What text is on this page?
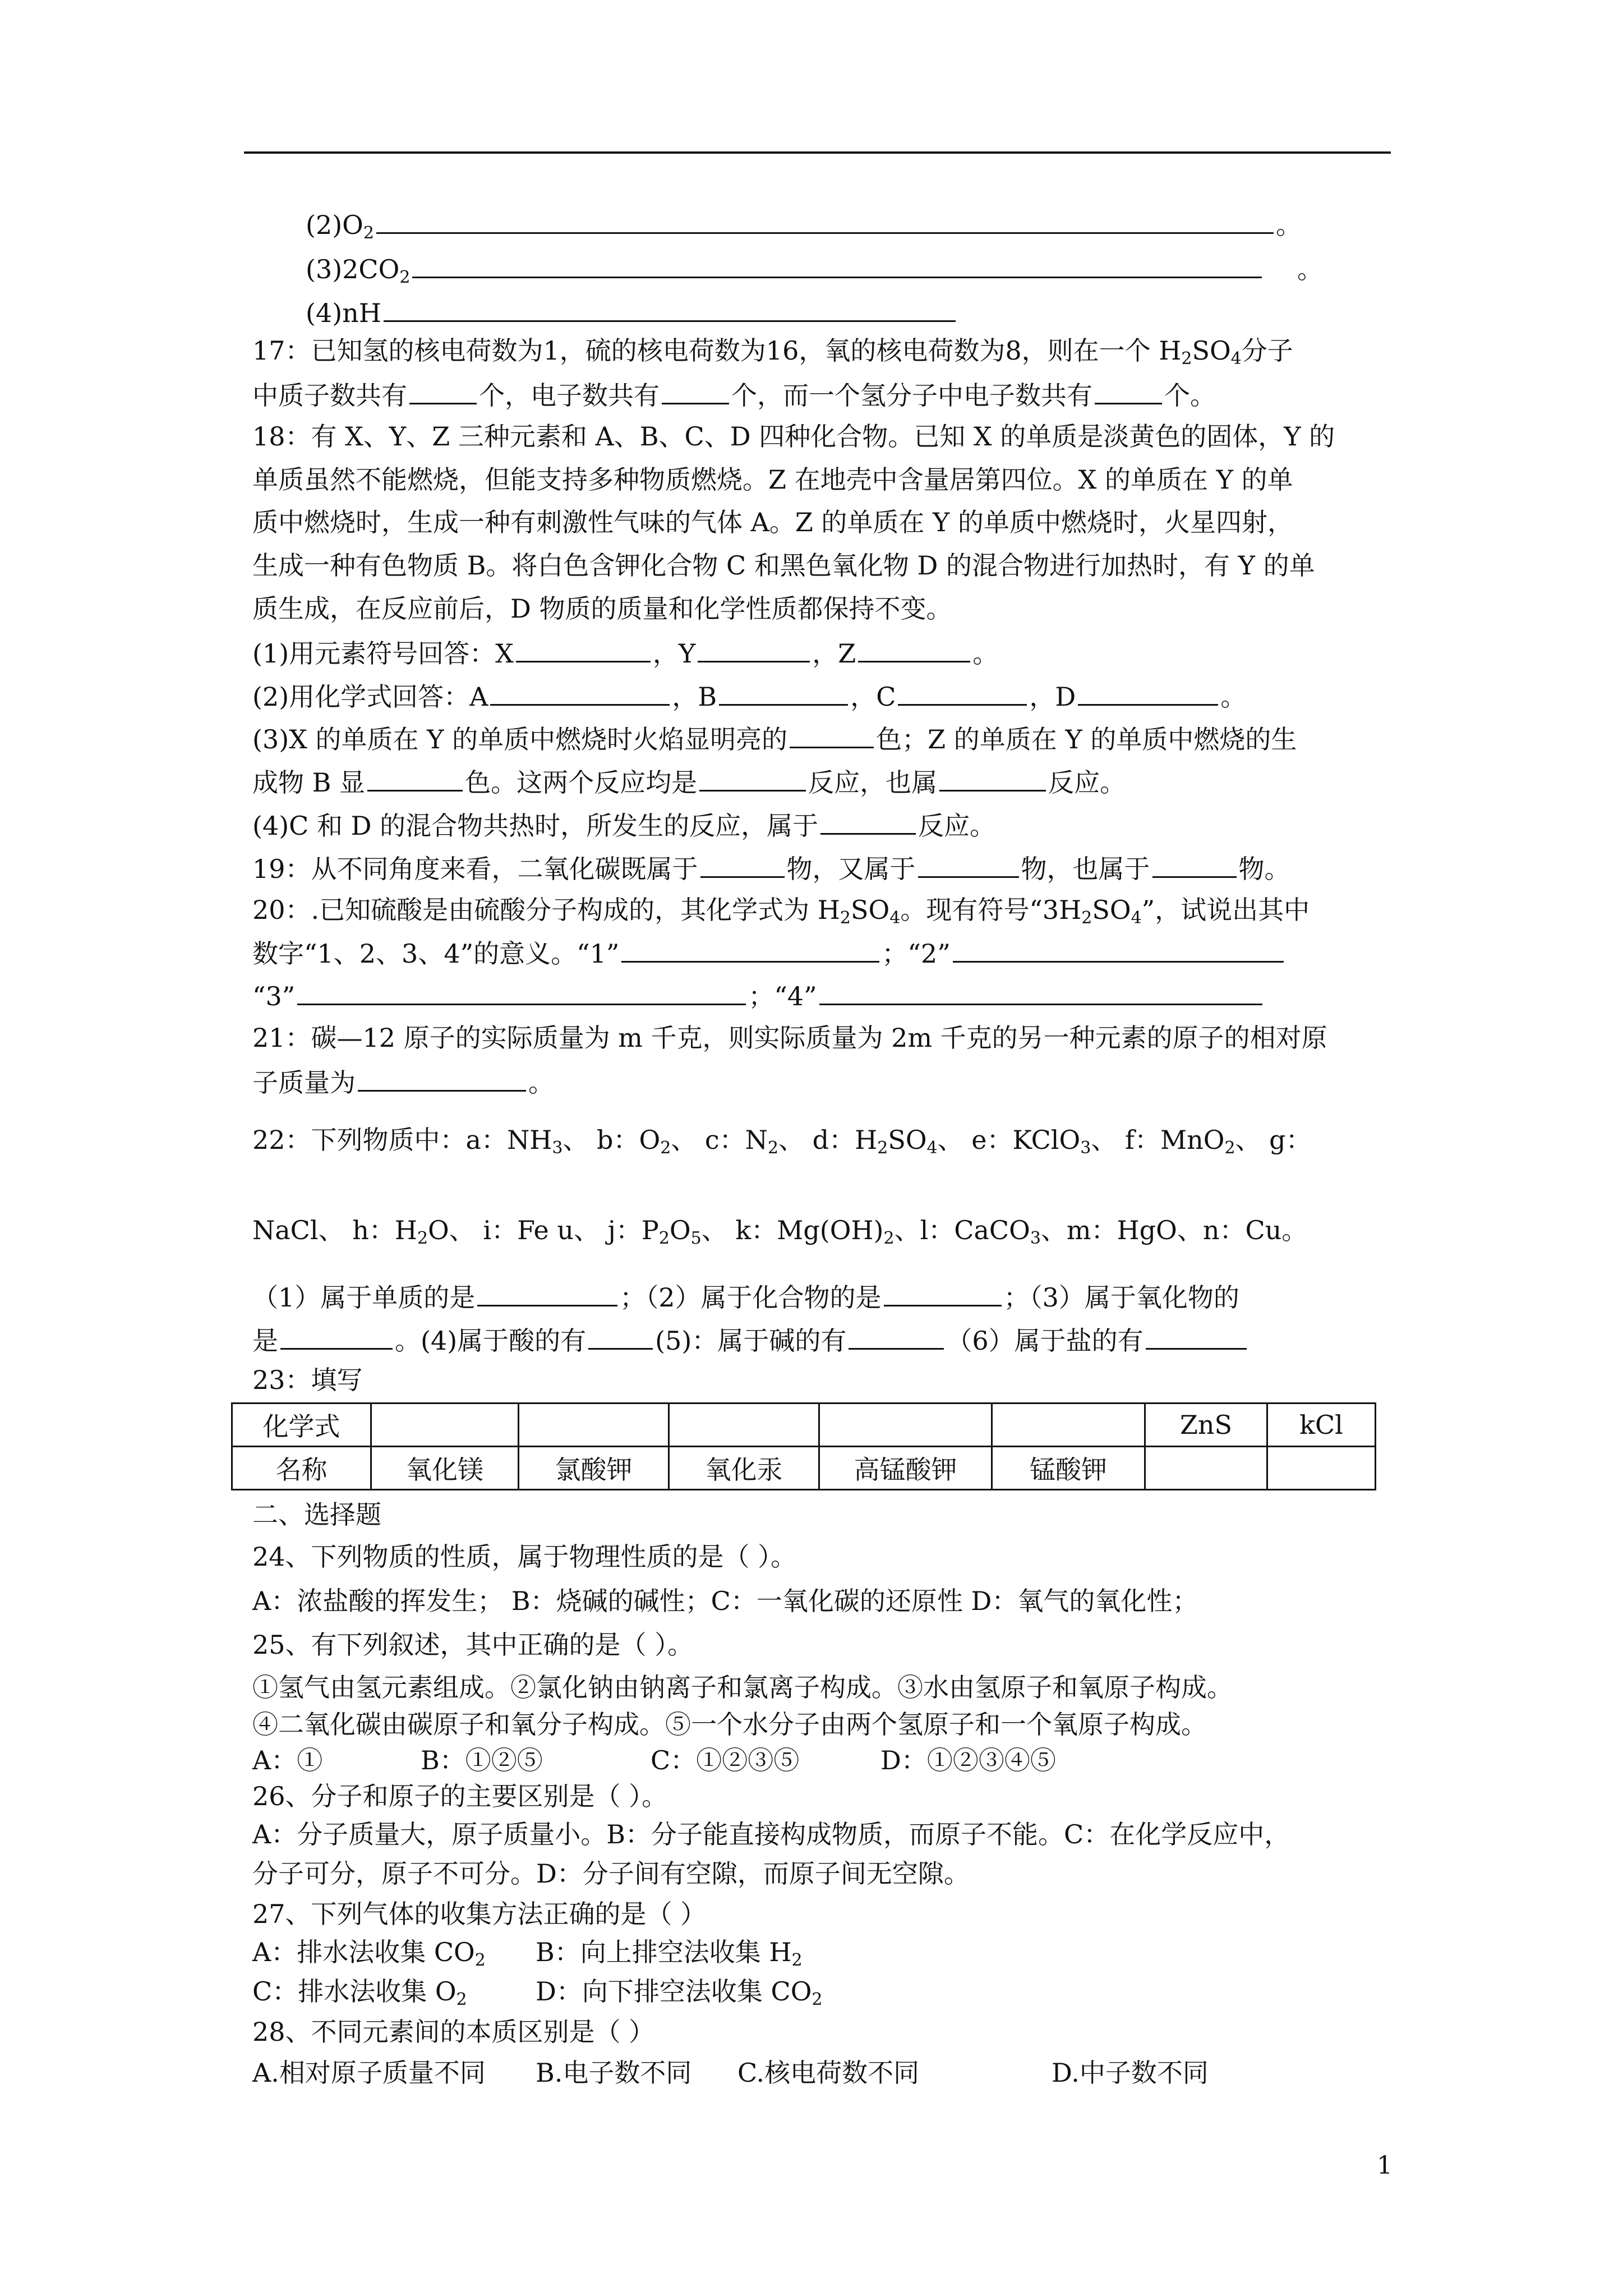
$(2)O_2$	。
$(3)2CO_2$	。
(4)nH
17：已知氢的核电荷数为1，硫的核电荷数为16，氧的核电荷数为8，则在一个 $H_2SO_4$分子
中质子数共有	个，电子数共有	个，而一个氢分子中电子数共有	个。
18：有 X、Y、Z 三种元素和 A、B、C、D 四种化合物。已知 X 的单质是淡黄色的固体，Y 的
单质虽然不能燃烧，但能支持多种物质燃烧。Z 在地壳中含量居第四位。X 的单质在 Y 的单
质中燃烧时，生成一种有刺激性气味的气体 A。Z 的单质在 Y 的单质中燃烧时，火星四射，
生成一种有色物质 B。将白色含钾化合物 C 和黑色氧化物 D 的混合物进行加热时，有 Y 的单
质生成，在反应前后，D 物质的质量和化学性质都保持不变。
(1)用元素符号回答：X	，Y	，Z	。
(2)用化学式回答：A	，B	，C	，D	。
(3)X 的单质在 Y 的单质中燃烧时火焰显明亮的	色；Z 的单质在 Y 的单质中燃烧的生
成物 B 显	色。这两个反应均是	反应，也属	反应。
(4)C 和 D 的混合物共热时，所发生的反应，属于	反应。
19：从不同角度来看，二氧化碳既属于	物，又属于	物，也属于	物。
20：.已知硫酸是由硫酸分子构成的，其化学式为 $H_2SO_4$。现有符号“$3H_2SO_4$”，试说出其中
数字“1、2、3、4”的意义。“1”	；“2”
“3”	；“4”
21：碳—12 原子的实际质量为 m 千克，则实际质量为 2m 千克的另一种元素的原子的相对原
子质量为	。
22：下列物质中：a：$NH_3$、 b：$O_2$、 c：$N_2$、 d：$H_2SO_4$、 e：KClO$_3$、 f：MnO$_2$、 g：
NaCl、 h：$H_2O$、 i：Fe u、 j：$P_2O_5$、 k：$Mg(OH)_2$、l：CaCO$_3$、m：HgO、n：Cu。
（1）属于单质的是	；（2）属于化合物的是	；（3）属于氧化物的
是	。(4)属于酸的有	(5)：属于碱的有	（6）属于盐的有
23：填写
化学式						ZnS	kCl
名称	氧化镁	氯酸钾	氧化汞	高锰酸钾	锰酸钾		
二、选择题
24、下列物质的性质，属于物理性质的是（ ）。
A：浓盐酸的挥发生； B：烧碱的碱性；C：一氧化碳的还原性 D：氧气的氧化性；
25、有下列叙述，其中正确的是（ ）。
①氢气由氢元素组成。②氯化钠由钠离子和氯离子构成。③水由氢原子和氧原子构成。
④二氧化碳由碳原子和氧分子构成。⑤一个水分子由两个氢原子和一个氧原子构成。
A：①	B：①②⑤	C：①②③⑤	D：①②③④⑤
26、分子和原子的主要区别是（ ）。
A：分子质量大，原子质量小。B：分子能直接构成物质，而原子不能。C：在化学反应中，
分子可分，原子不可分。D：分子间有空隙，而原子间无空隙。
27、下列气体的收集方法正确的是（ ）
A：排水法收集 $CO_2$ B：向上排空法收集 $H_2$
C：排水法收集 $O_2$	D：向下排空法收集 $CO_2$
28、不同元素间的本质区别是（ ）
A.相对原子质量不同 B.电子数不同 C.核电荷数不同	D.中子数不同
1
